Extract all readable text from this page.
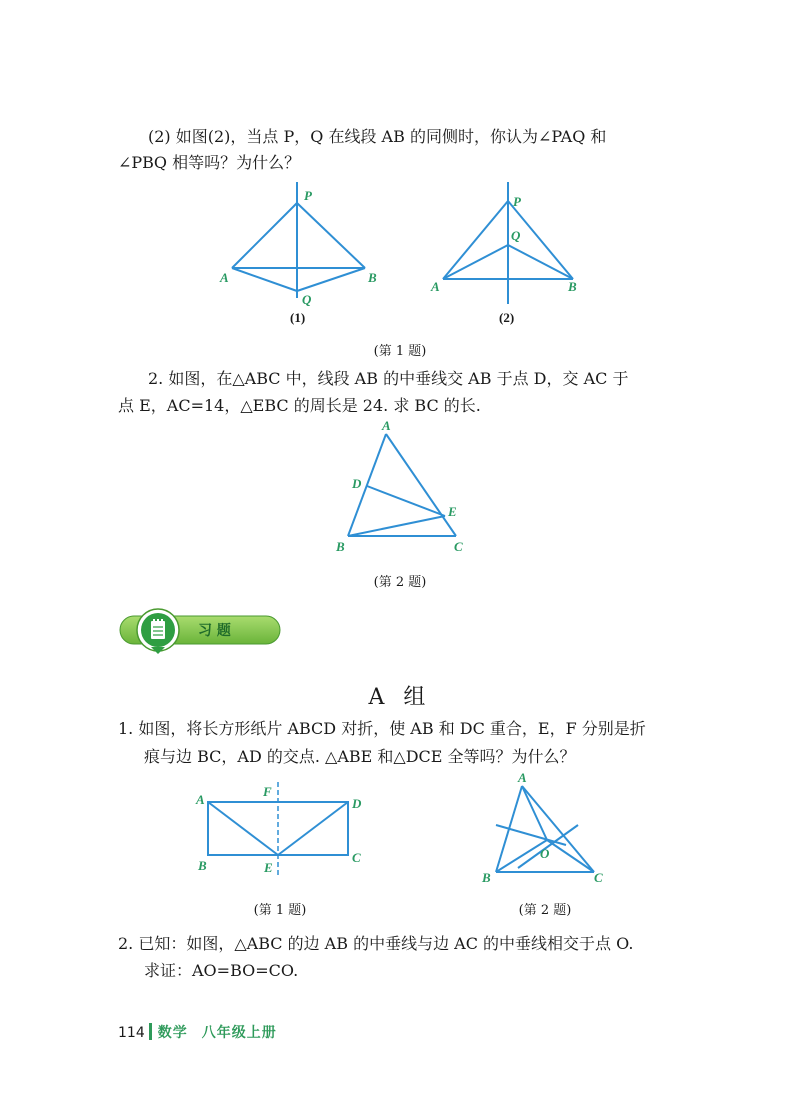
(2) 如图(2)，当点 P，Q 在线段 AB 的同侧时，你认为∠PAQ 和
∠PBQ 相等吗？为什么？
P
A	B
Q
(1)
P
Q
A	B
(2)
(第 1 题)
2. 如图，在△ABC 中，线段 AB 的中垂线交 AB 于点 D，交 AC 于
点 E，AC=14，△EBC 的周长是 24. 求 BC 的长.
A
D
E
B	C
(第 2 题)
习 题
A 组
1. 如图，将长方形纸片 ABCD 对折，使 AB 和 DC 重合，E，F 分别是折
痕与边 BC，AD 的交点. △ABE 和△DCE 全等吗？为什么？
A
F
D
B	E
C
(第 1 题)
A
O
B	C
(第 2 题)
2. 已知：如图，△ABC 的边 AB 的中垂线与边 AC 的中垂线相交于点 O.
求证：AO=BO=CO.
114 数学 八年级上册
